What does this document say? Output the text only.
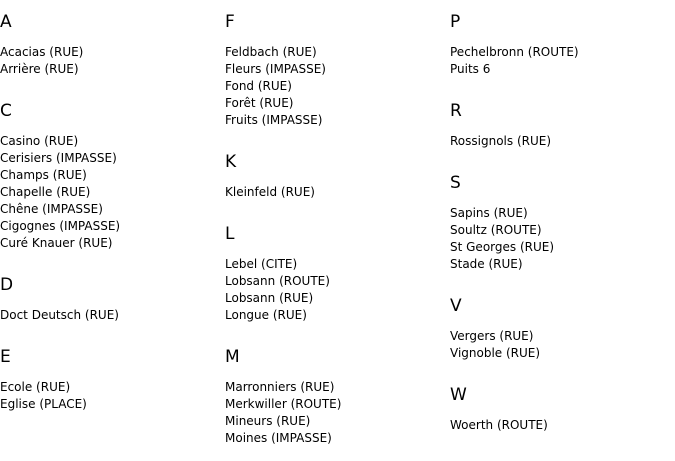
A
Acacias (RUE)
Arrière (RUE)
C
Casino (RUE)
Cerisiers (IMPASSE)
Champs (RUE)
Chapelle (RUE)
Chêne (IMPASSE)
Cigognes (IMPASSE)
Curé Knauer (RUE)
D
Doct Deutsch (RUE)
E
Ecole (RUE)
Eglise (PLACE)
F
Feldbach (RUE)
Fleurs (IMPASSE)
Fond (RUE)
Forêt (RUE)
Fruits (IMPASSE)
K
Kleinfeld (RUE)
L
Lebel (CITE)
Lobsann (ROUTE)
Lobsann (RUE)
Longue (RUE)
M
Marronniers (RUE)
Merkwiller (ROUTE)
Mineurs (RUE)
Moines (IMPASSE)
P
Pechelbronn (ROUTE)
Puits 6
R
Rossignols (RUE)
S
Sapins (RUE)
Soultz (ROUTE)
St Georges (RUE)
Stade (RUE)
V
Vergers (RUE)
Vignoble (RUE)
W
Woerth (ROUTE)
